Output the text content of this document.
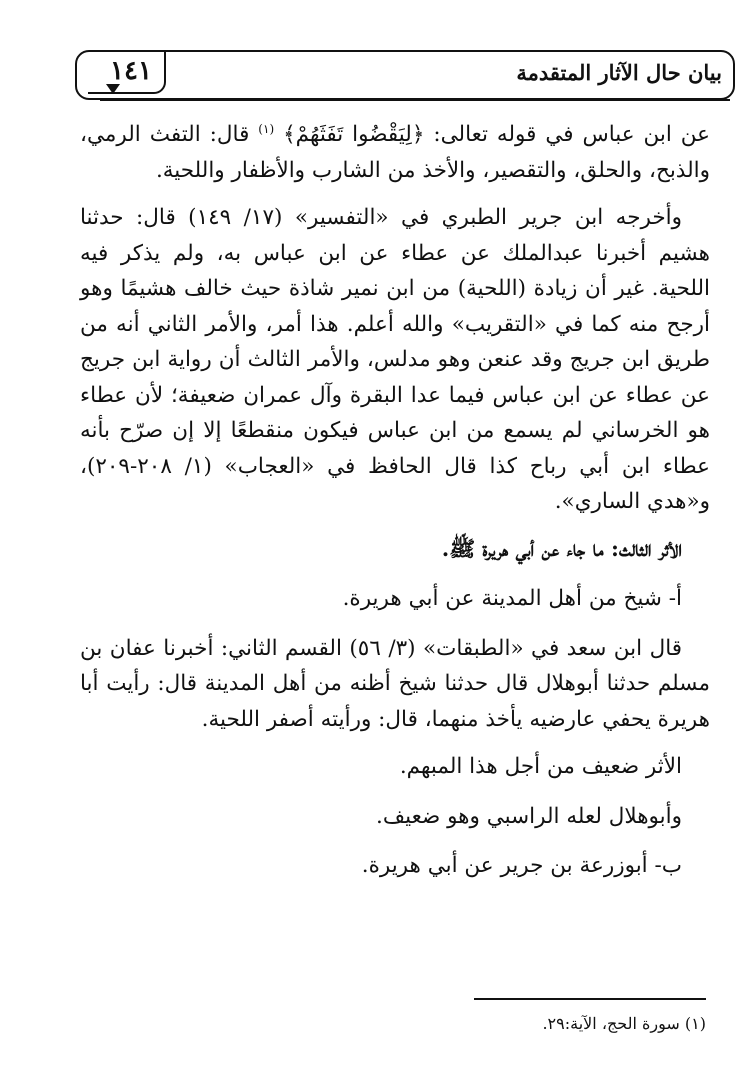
بيان حال الآثار المتقدمة
١٤١

عن ابن عباس في قوله تعالى: ﴿لِيَقْضُوا تَفَثَهُمْ﴾ $^{(١)}$ قال: التفث الرمي، والذبح، والحلق، والتقصير، والأخذ من الشارب والأظفار واللحية.

وأخرجه ابن جرير الطبري في «التفسير» (١٧/ ١٤٩) قال: حدثنا هشيم أخبرنا عبدالملك عن عطاء عن ابن عباس به، ولم يذكر فيه اللحية. غير أن زيادة (اللحية) من ابن نمير شاذة حيث خالف هشيمًا وهو أرجح منه كما في «التقريب» والله أعلم. هذا أمر، والأمر الثاني أنه من طريق ابن جريج وقد عنعن وهو مدلس، والأمر الثالث أن رواية ابن جريج عن عطاء عن ابن عباس فيما عدا البقرة وآل عمران ضعيفة؛ لأن عطاء هو الخرساني لم يسمع من ابن عباس فيكون منقطعًا إلا إن صرّح بأنه عطاء ابن أبي رباح كذا قال الحافظ في «العجاب» (١/ ٢٠٨-٢٠٩)، و«هدي الساري».

الأثر الثالث: ما جاء عن أبي هريرة ﷺ.

أ- شيخ من أهل المدينة عن أبي هريرة.

قال ابن سعد في «الطبقات» (٣/ ٥٦) القسم الثاني: أخبرنا عفان بن مسلم حدثنا أبوهلال قال حدثنا شيخ أظنه من أهل المدينة قال: رأيت أبا هريرة يحفي عارضيه يأخذ منهما، قال: ورأيته أصفر اللحية.

الأثر ضعيف من أجل هذا المبهم.

وأبوهلال لعله الراسبي وهو ضعيف.

ب- أبوزرعة بن جرير عن أبي هريرة.

(١) سورة الحج، الآية:٢٩.
